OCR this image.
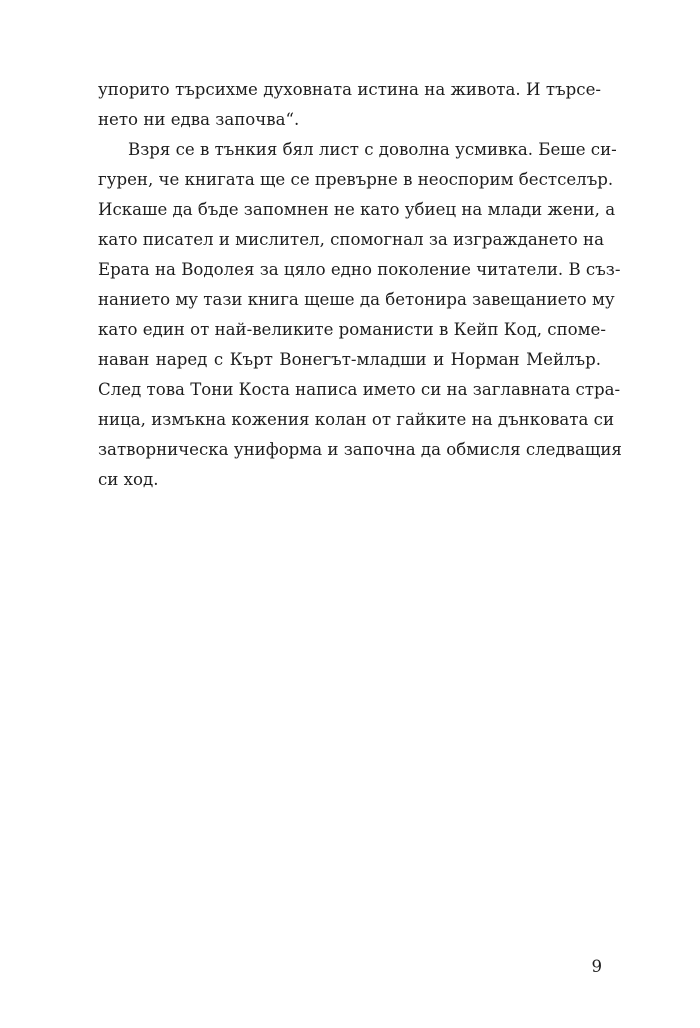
упорито търсихме духовната истина на живота. И търсе-
нето ни едва започва“.
Взря се в тънкия бял лист с доволна усмивка. Беше си-
гурен, че книгата ще се превърне в неоспорим бестселър.
Искаше да бъде запомнен не като убиец на млади жени, а
като писател и мислител, спомогнал за изграждането на
Ерата на Водолея за цяло едно поколение читатели. В съз-
нанието му тази книга щеше да бетонира завещанието му
като един от най-великите романисти в Кейп Код, споме-
наван наред с Кърт Вонегът-младши и Норман Мейлър.
След това Тони Коста написа името си на заглавната стра-
ница, измъкна кожения колан от гайките на дънковата си
затворническа униформа и започна да обмисля следващия
си ход.
9
